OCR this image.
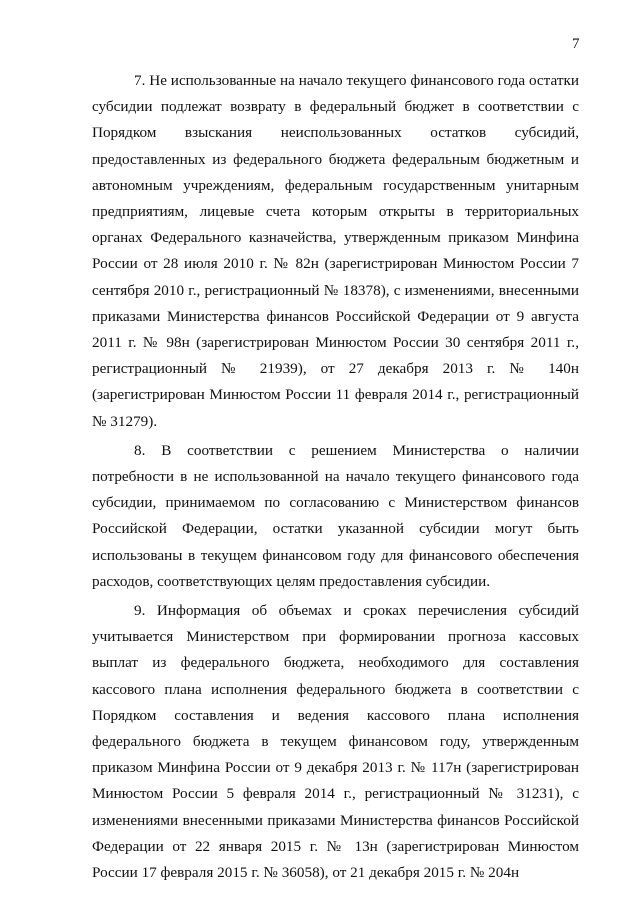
7

7. Не использованные на начало текущего финансового года остатки субсидии подлежат возврату в федеральный бюджет в соответствии с Порядком взыскания неиспользованных остатков субсидий, предоставленных из федерального бюджета федеральным бюджетным и автономным учреждениям, федеральным государственным унитарным предприятиям, лицевые счета которым открыты в территориальных органах Федерального казначейства, утвержденным приказом Минфина России от 28 июля 2010 г. № 82н (зарегистрирован Минюстом России 7 сентября 2010 г., регистрационный № 18378), с изменениями, внесенными приказами Министерства финансов Российской Федерации от 9 августа 2011 г. № 98н (зарегистрирован Минюстом России 30 сентября 2011 г., регистрационный № 21939), от 27 декабря 2013 г. № 140н (зарегистрирован Минюстом России 11 февраля 2014 г., регистрационный № 31279).

8. В соответствии с решением Министерства о наличии потребности в не использованной на начало текущего финансового года субсидии, принимаемом по согласованию с Министерством финансов Российской Федерации, остатки указанной субсидии могут быть использованы в текущем финансовом году для финансового обеспечения расходов, соответствующих целям предоставления субсидии.

9. Информация об объемах и сроках перечисления субсидий учитывается Министерством при формировании прогноза кассовых выплат из федерального бюджета, необходимого для составления кассового плана исполнения федерального бюджета в соответствии с Порядком составления и ведения кассового плана исполнения федерального бюджета в текущем финансовом году, утвержденным приказом Минфина России от 9 декабря 2013 г. № 117н (зарегистрирован Минюстом России 5 февраля 2014 г., регистрационный № 31231), с изменениями внесенными приказами Министерства финансов Российской Федерации от 22 января 2015 г. № 13н (зарегистрирован Минюстом России 17 февраля 2015 г. № 36058), от 21 декабря 2015 г. № 204н
